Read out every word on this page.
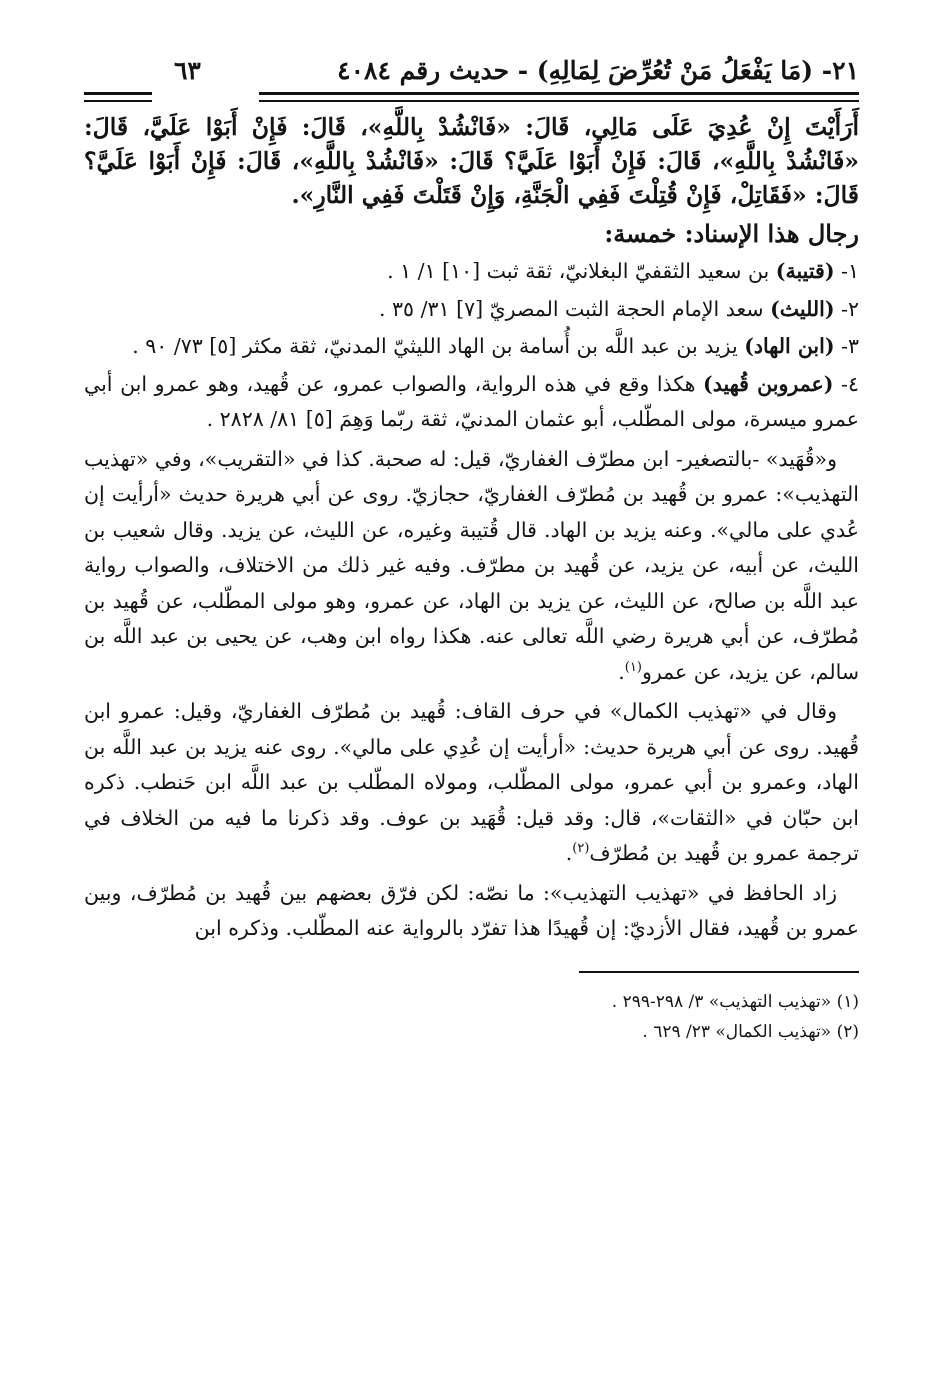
٢١- (مَا يَفْعَلُ مَنْ تُعُرِّضَ لِمَالِهِ) - حديث رقم ٤٠٨٤
٦٣

أَرَأَيْتَ إِنْ عُدِيَ عَلَى مَالِي، قَالَ: «فَانْشُدْ بِاللَّهِ»، قَالَ: فَإِنْ أَبَوْا عَلَيَّ، قَالَ: «فَانْشُدْ بِاللَّهِ»، قَالَ: فَإِنْ أَبَوْا عَلَيَّ؟ قَالَ: «فَانْشُدْ بِاللَّهِ»، قَالَ: فَإِنْ أَبَوْا عَلَيَّ؟ قَالَ: «فَقَاتِلْ، فَإِنْ قُتِلْتَ فَفِي الْجَنَّةِ، وَإِنْ قَتَلْتَ فَفِي النَّارِ».

رجال هذا الإسناد: خمسة:

١- (قتيبة) بن سعيد الثقفيّ البغلانيّ، ثقة ثبت [١٠] ١/ ١ .

٢- (الليث) سعد الإمام الحجة الثبت المصريّ [٧] ٣١/ ٣٥ .

٣- (ابن الهاد) يزيد بن عبد اللَّه بن أُسامة بن الهاد الليثيّ المدنيّ، ثقة مكثر [٥] ٧٣/ ٩٠ .

٤- (عمروبن قُهيد) هكذا وقع في هذه الرواية، والصواب عمرو، عن قُهيد، وهو عمرو ابن أبي عمرو ميسرة، مولى المطّلب، أبو عثمان المدنيّ، ثقة ربّما وَهِمَ [٥] ٨١/ ٢٨٢٨ .

و«قُهَيد» -بالتصغير- ابن مطرّف الغفاريّ، قيل: له صحبة. كذا في «التقريب»، وفي «تهذيب التهذيب»: عمرو بن قُهيد بن مُطرّف الغفاريّ، حجازيّ. روى عن أبي هريرة حديث «أرأيت إن عُدي على مالي». وعنه يزيد بن الهاد. قال قُتيبة وغيره، عن الليث، عن يزيد. وقال شعيب بن الليث، عن أبيه، عن يزيد، عن قُهيد بن مطرّف. وفيه غير ذلك من الاختلاف، والصواب رواية عبد اللَّه بن صالح، عن الليث، عن يزيد بن الهاد، عن عمرو، وهو مولى المطّلب، عن قُهيد بن مُطرّف، عن أبي هريرة رضي اللَّه تعالى عنه. هكذا رواه ابن وهب، عن يحيى بن عبد اللَّه بن سالم، عن يزيد، عن عمرو$^{(١)}$.

وقال في «تهذيب الكمال» في حرف القاف: قُهيد بن مُطرّف الغفاريّ، وقيل: عمرو ابن قُهيد. روى عن أبي هريرة حديث: «أرأيت إن عُدِي على مالي». روى عنه يزيد بن عبد اللَّه بن الهاد، وعمرو بن أبي عمرو، مولى المطّلب، ومولاه المطّلب بن عبد اللَّه ابن حَنطب. ذكره ابن حبّان في «الثقات»، قال: وقد قيل: قُهَيد بن عوف. وقد ذكرنا ما فيه من الخلاف في ترجمة عمرو بن قُهيد بن مُطرّف$^{(٢)}$.

زاد الحافظ في «تهذيب التهذيب»: ما نصّه: لكن فرّق بعضهم بين قُهيد بن مُطرّف، وبين عمرو بن قُهيد، فقال الأزديّ: إن قُهيدًا هذا تفرّد بالرواية عنه المطّلب. وذكره ابن

(١) «تهذيب التهذيب» ٣/ ٢٩٨-٢٩٩ .
(٢) «تهذيب الكمال» ٢٣/ ٦٢٩ .
